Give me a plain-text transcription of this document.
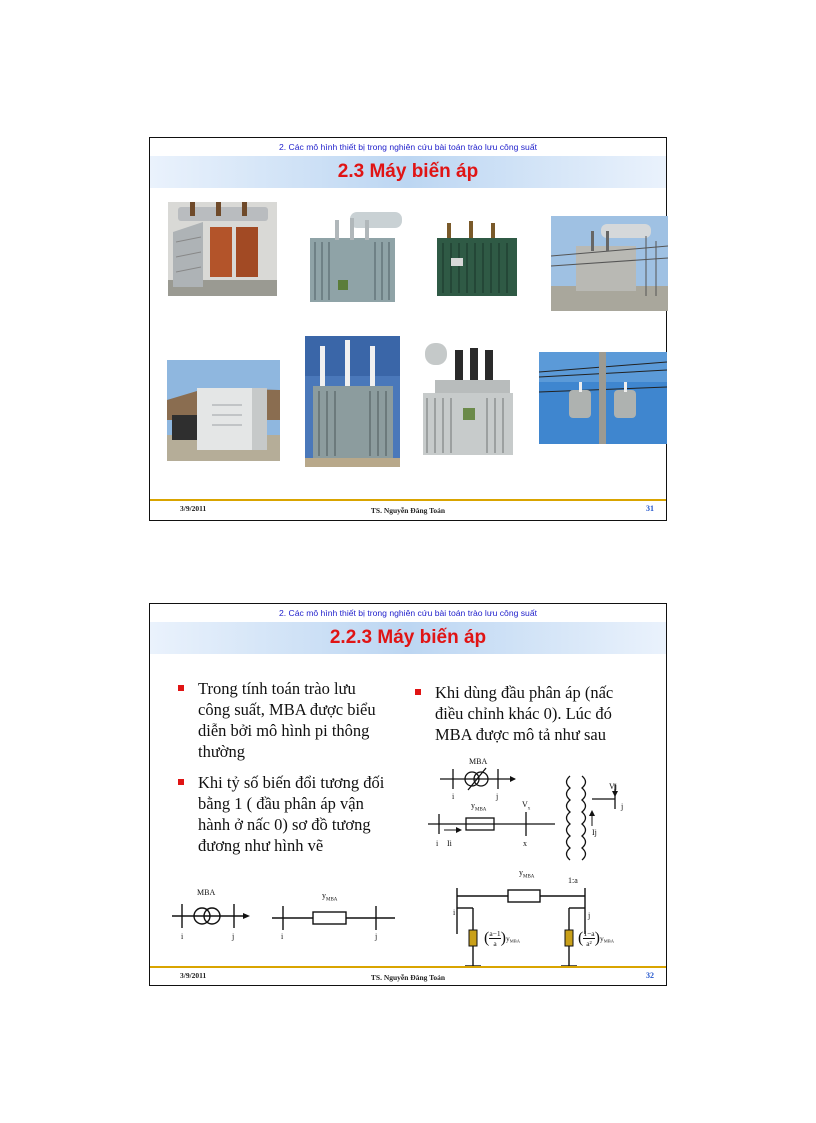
2. Các mô hình thiết bị trong nghiên cứu bài toán trào lưu công suất
2.3 Máy biến áp
3/9/2011	TS. Nguyễn Đăng Toản	31
2. Các mô hình thiết bị trong nghiên cứu bài toán trào lưu công suất
2.2.3 Máy biến áp
Trong tính toán trào lưu
công suất, MBA được biểu
diễn bởi mô hình pi thông
thường
Khi tỷ số biến đổi tương đối
bằng 1 ( đầu phân áp vận
hành ở nấc 0) sơ đồ tương
đương như hình vẽ
Khi dùng đầu phân áp (nấc
điều chỉnh khác 0). Lúc đó
MBA được mô tả như sau
MBA
i	j
$y_{MBA}$
$V_x$
Vj
j
Ij
i Ii	x
MBA
i	j
$y_{MBA}$
i	j
$y_{MBA}$	1:a
i	j
( $\frac{a-1}{a} )y_{MBA}$	( $\frac{1-a}{\text{a²}} )y_{MBA}$
3/9/2011	TS. Nguyễn Đăng Toản	32
